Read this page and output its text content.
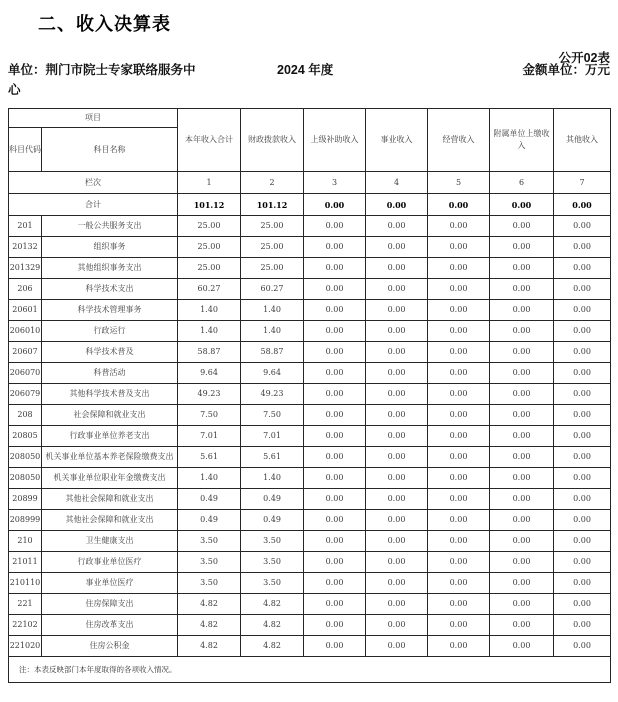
二、收入决算表
公开02表
单位：荆门市院士专家联络服务中心
2024 年度	金额单位：万元
项目		本年收入合计	财政拨款收入	上级补助收入	事业收入	经营收入	附属单位上缴收入	其他收入
科目代码	科目名称							
栏次		1	2	3	4	5	6	7
合计		101.12	101.12	0.00	0.00	0.00	0.00	0.00
201	一般公共服务支出	25.00	25.00	0.00	0.00	0.00	0.00	0.00
20132	组织事务	25.00	25.00	0.00	0.00	0.00	0.00	0.00
201329	其他组织事务支出	25.00	25.00	0.00	0.00	0.00	0.00	0.00
206	科学技术支出	60.27	60.27	0.00	0.00	0.00	0.00	0.00
20601	科学技术管理事务	1.40	1.40	0.00	0.00	0.00	0.00	0.00
206010	行政运行	1.40	1.40	0.00	0.00	0.00	0.00	0.00
20607	科学技术普及	58.87	58.87	0.00	0.00	0.00	0.00	0.00
206070	科普活动	9.64	9.64	0.00	0.00	0.00	0.00	0.00
206079	其他科学技术普及支出	49.23	49.23	0.00	0.00	0.00	0.00	0.00
208	社会保障和就业支出	7.50	7.50	0.00	0.00	0.00	0.00	0.00
20805	行政事业单位养老支出	7.01	7.01	0.00	0.00	0.00	0.00	0.00
208050	机关事业单位基本养老保险缴费支出	5.61	5.61	0.00	0.00	0.00	0.00	0.00
208050	机关事业单位职业年金缴费支出	1.40	1.40	0.00	0.00	0.00	0.00	0.00
20899	其他社会保障和就业支出	0.49	0.49	0.00	0.00	0.00	0.00	0.00
208999	其他社会保障和就业支出	0.49	0.49	0.00	0.00	0.00	0.00	0.00
210	卫生健康支出	3.50	3.50	0.00	0.00	0.00	0.00	0.00
21011	行政事业单位医疗	3.50	3.50	0.00	0.00	0.00	0.00	0.00
210110	事业单位医疗	3.50	3.50	0.00	0.00	0.00	0.00	0.00
221	住房保障支出	4.82	4.82	0.00	0.00	0.00	0.00	0.00
22102	住房改革支出	4.82	4.82	0.00	0.00	0.00	0.00	0.00
221020	住房公积金	4.82	4.82	0.00	0.00	0.00	0.00	0.00
注：本表反映部门本年度取得的各项收入情况。								
